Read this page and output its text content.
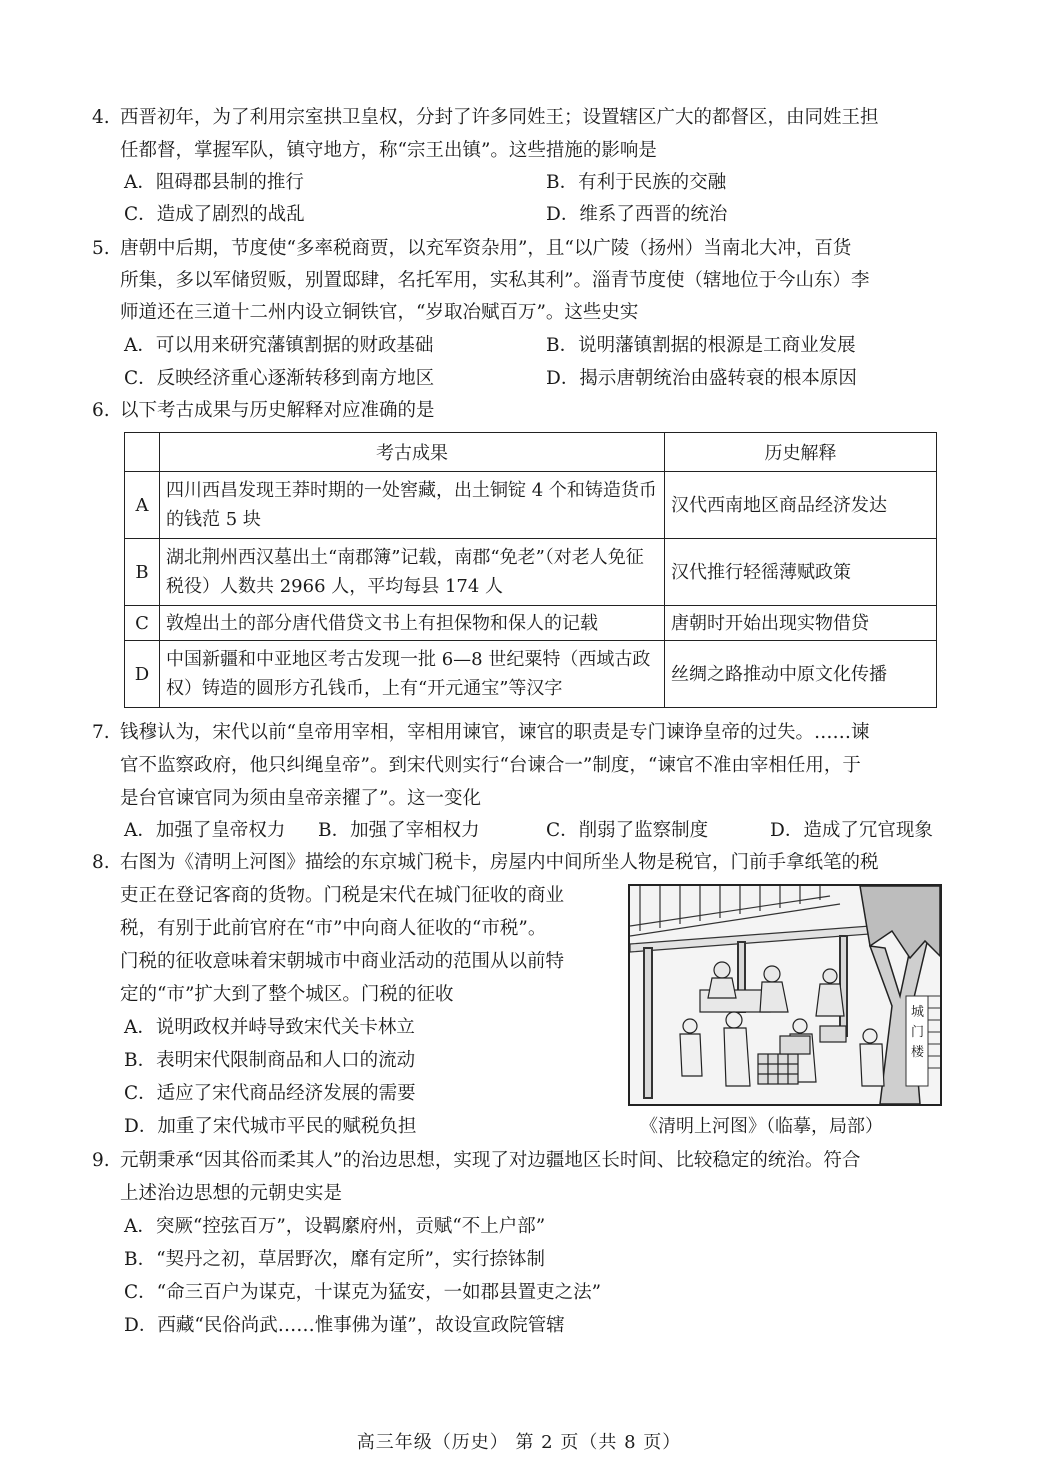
4. 西晋初年，为了利用宗室拱卫皇权，分封了许多同姓王；设置辖区广大的都督区，由同姓王担
任都督，掌握军队，镇守地方，称“宗王出镇”。这些措施的影响是
A．阻碍郡县制的推行	B．有利于民族的交融
C．造成了剧烈的战乱	D．维系了西晋的统治
5. 唐朝中后期，节度使“多率税商贾，以充军资杂用”，且“以广陵（扬州）当南北大冲，百货
所集，多以军储贸贩，别置邸肆，名托军用，实私其利”。淄青节度使（辖地位于今山东）李
师道还在三道十二州内设立铜铁官，“岁取冶赋百万”。这些史实
A．可以用来研究藩镇割据的财政基础	B．说明藩镇割据的根源是工商业发展
C．反映经济重心逐渐转移到南方地区	D．揭示唐朝统治由盛转衰的根本原因
6. 以下考古成果与历史解释对应准确的是
	考古成果	历史解释
A	四川西昌发现王莽时期的一处窖藏，出土铜锭 4 个和铸造货币的钱范 5 块	汉代西南地区商品经济发达
B	湖北荆州西汉墓出土“南郡簿”记载，南郡“免老”（对老人免征税役）人数共 2966 人，平均每县 174 人	汉代推行轻徭薄赋政策
C	敦煌出土的部分唐代借贷文书上有担保物和保人的记载	唐朝时开始出现实物借贷
D	中国新疆和中亚地区考古发现一批 6—8 世纪粟特（西域古政权）铸造的圆形方孔钱币，上有“开元通宝”等汉字	丝绸之路推动中原文化传播
7. 钱穆认为，宋代以前“皇帝用宰相，宰相用谏官，谏官的职责是专门谏诤皇帝的过失。……谏
官不监察政府，他只纠绳皇帝”。到宋代则实行“台谏合一”制度，“谏官不准由宰相任用，于
是台官谏官同为须由皇帝亲擢了”。这一变化
A．加强了皇帝权力 B．加强了宰相权力	C．削弱了监察制度	D．造成了冗官现象
8. 右图为《清明上河图》描绘的东京城门税卡，房屋内中间所坐人物是税官，门前手拿纸笔的税
吏正在登记客商的货物。门税是宋代在城门征收的商业
税，有别于此前官府在“市”中向商人征收的“市税”。
门税的征收意味着宋朝城市中商业活动的范围从以前特
定的“市”扩大到了整个城区。门税的征收
A．说明政权并峙导致宋代关卡林立
B．表明宋代限制商品和人口的流动
C．适应了宋代商品经济发展的需要
D．加重了宋代城市平民的赋税负担
城
门
楼
《清明上河图》（临摹，局部）
9. 元朝秉承“因其俗而柔其人”的治边思想，实现了对边疆地区长时间、比较稳定的统治。符合
上述治边思想的元朝史实是
A．突厥“控弦百万”，设羁縻府州，贡赋“不上户部”
B．“契丹之初，草居野次，靡有定所”，实行捺钵制
C．“命三百户为谋克，十谋克为猛安，一如郡县置吏之法”
D．西藏“民俗尚武……惟事佛为谨”，故设宣政院管辖
高三年级（历史） 第 2 页（共 8 页）
